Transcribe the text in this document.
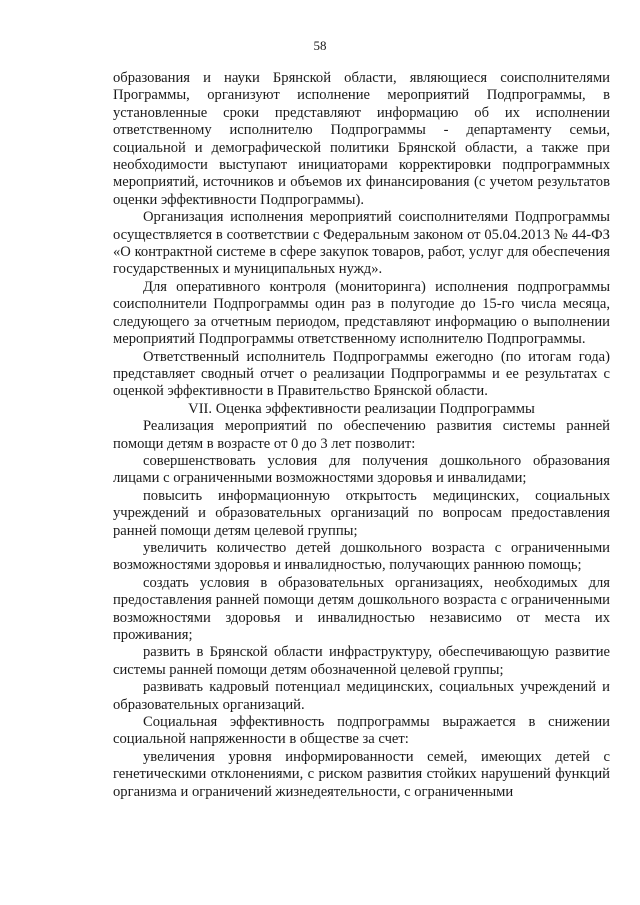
58

образования и науки Брянской области, являющиеся соисполнителями Программы, организуют исполнение мероприятий Подпрограммы, в установленные сроки представляют информацию об их исполнении ответственному исполнителю Подпрограммы - департаменту семьи, социальной и демографической политики Брянской области, а также при необходимости выступают инициаторами корректировки подпрограммных мероприятий, источников и объемов их финансирования (с учетом результатов оценки эффективности Подпрограммы).

Организация исполнения мероприятий соисполнителями Подпрограммы осуществляется в соответствии с Федеральным законом от 05.04.2013 № 44-ФЗ «О контрактной системе в сфере закупок товаров, работ, услуг для обеспечения государственных и муниципальных нужд».

Для оперативного контроля (мониторинга) исполнения подпрограммы соисполнители Подпрограммы один раз в полугодие до 15-го числа месяца, следующего за отчетным периодом, представляют информацию о выполнении мероприятий Подпрограммы ответственному исполнителю Подпрограммы.

Ответственный исполнитель Подпрограммы ежегодно (по итогам года) представляет сводный отчет о реализации Подпрограммы и ее результатах с оценкой эффективности в Правительство Брянской области.

VII. Оценка эффективности реализации Подпрограммы

Реализация мероприятий по обеспечению развития системы ранней помощи детям в возрасте от 0 до 3 лет позволит:

совершенствовать условия для получения дошкольного образования лицами с ограниченными возможностями здоровья и инвалидами;

повысить информационную открытость медицинских, социальных учреждений и образовательных организаций по вопросам предоставления ранней помощи детям целевой группы;

увеличить количество детей дошкольного возраста с ограниченными возможностями здоровья и инвалидностью, получающих раннюю помощь;

создать условия в образовательных организациях, необходимых для предоставления ранней помощи детям дошкольного возраста с ограниченными возможностями здоровья и инвалидностью независимо от места их проживания;

развить в Брянской области инфраструктуру, обеспечивающую развитие системы ранней помощи детям обозначенной целевой группы;

развивать кадровый потенциал медицинских, социальных учреждений и образовательных организаций.

Социальная эффективность подпрограммы выражается в снижении социальной напряженности в обществе за счет:

увеличения уровня информированности семей, имеющих детей с генетическими отклонениями, с риском развития стойких нарушений функций организма и ограничений жизнедеятельности, с ограниченными
